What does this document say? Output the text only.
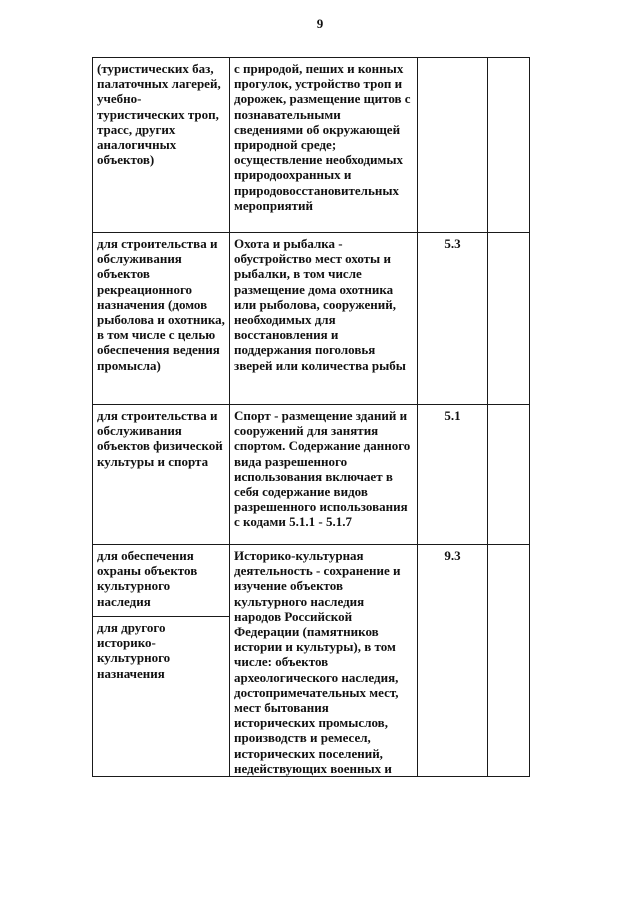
9
(туристических баз, палаточных лагерей, учебно-туристических троп, трасс, других аналогичных объектов)	с природой, пеших и конных прогулок, устройство троп и дорожек, размещение щитов с познавательными сведениями об окружающей природной среде; осуществление необходимых природоохранных и природовосстановительных мероприятий		
для строительства и обслуживания объектов рекреационного назначения (домов рыболова и охотника, в том числе с целью обеспечения ведения промысла)	Охота и рыбалка - обустройство мест охоты и рыбалки, в том числе размещение дома охотника или рыболова, сооружений, необходимых для восстановления и поддержания поголовья зверей или количества рыбы	5.3	
для строительства и обслуживания объектов физической культуры и спорта	Спорт - размещение зданий и сооружений для занятия спортом. Содержание данного вида разрешенного использования включает в себя содержание видов разрешенного использования с кодами 5.1.1 - 5.1.7	5.1	

для обеспечения охраны объектов культурного наследия
для другого историко-культурного назначения	Историко-культурная деятельность - сохранение и изучение объектов культурного наследия народов Российской Федерации (памятников истории и культуры), в том числе: объектов археологического наследия, достопримечательных мест, мест бытования исторических промыслов, производств и ремесел, исторических поселений, недействующих военных и	9.3	
